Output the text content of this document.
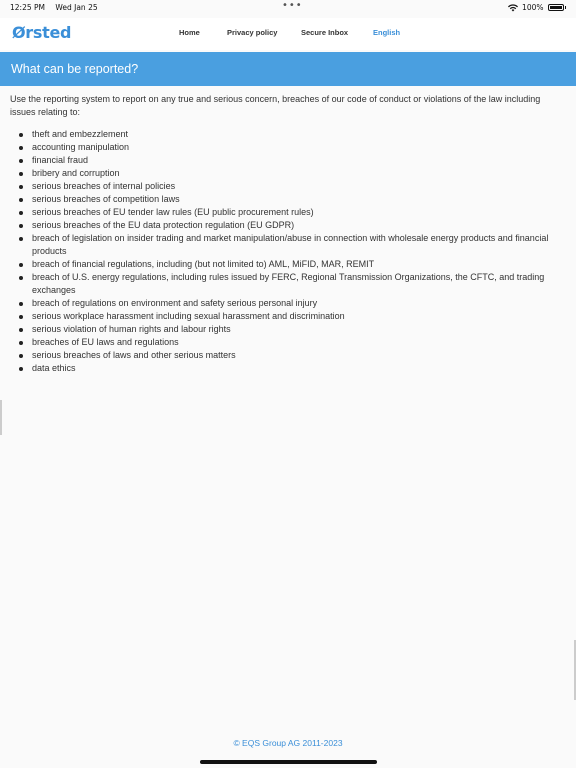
12:25 PM Wed Jan 25	•••	100%
Ørsted	Home	Privacy policy	Secure Inbox	English
What can be reported?

Use the reporting system to report on any true and serious concern, breaches of our code of conduct or violations of the law including issues relating to:

theft and embezzlement
accounting manipulation
financial fraud
bribery and corruption
serious breaches of internal policies
serious breaches of competition laws
serious breaches of EU tender law rules (EU public procurement rules)
serious breaches of the EU data protection regulation (EU GDPR)
breach of legislation on insider trading and market manipulation/abuse in connection with wholesale energy products and financial products
breach of financial regulations, including (but not limited to) AML, MiFID, MAR, REMIT
breach of U.S. energy regulations, including rules issued by FERC, Regional Transmission Organizations, the CFTC, and trading exchanges
breach of regulations on environment and safety serious personal injury
serious workplace harassment including sexual harassment and discrimination
serious violation of human rights and labour rights
breaches of EU laws and regulations
serious breaches of laws and other serious matters
data ethics
© EQS Group AG 2011-2023
